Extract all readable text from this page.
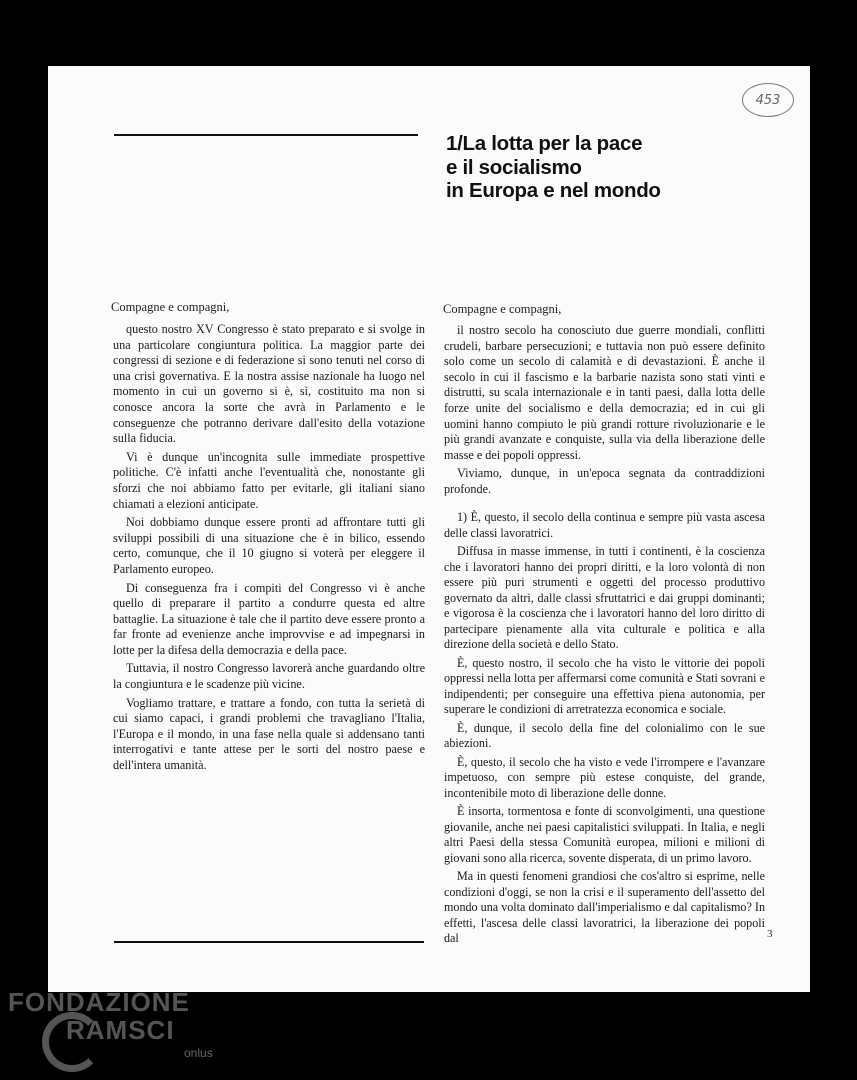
453
1/La lotta per la pace
e il socialismo
in Europa e nel mondo
Compagne e compagni,	Compagne e compagni,

questo nostro XV Congresso è stato preparato e si svolge in una particolare congiuntura politica. La maggior parte dei congressi di sezione e di federazione si sono tenuti nel corso di una crisi governativa. E la nostra assise nazionale ha luogo nel momento in cui un governo si è, sì, costituito ma non si conosce ancora la sorte che avrà in Parlamento e le conseguenze che potranno derivare dall'esito della votazione sulla fiducia.

Vi è dunque un'incognita sulle immediate prospettive politiche. C'è infatti anche l'eventualità che, nonostante gli sforzi che noi abbiamo fatto per evitarle, gli italiani siano chiamati a elezioni anticipate.

Noi dobbiamo dunque essere pronti ad affrontare tutti gli sviluppi possibili di una situazione che è in bilico, essendo certo, comunque, che il 10 giugno si voterà per eleggere il Parlamento europeo.

Di conseguenza fra i compiti del Congresso vi è anche quello di preparare il partito a condurre questa ed altre battaglie. La situazione è tale che il partito deve essere pronto a far fronte ad evenienze anche improvvise e ad impegnarsi in lotte per la difesa della democrazia e della pace.

Tuttavia, il nostro Congresso lavorerà anche guardando oltre la congiuntura e le scadenze più vicine.

Vogliamo trattare, e trattare a fondo, con tutta la serietà di cui siamo capaci, i grandi problemi che travagliano l'Italia, l'Europa e il mondo, in una fase nella quale si addensano tanti interrogativi e tante attese per le sorti del nostro paese e dell'intera umanità.

il nostro secolo ha conosciuto due guerre mondiali, conflitti crudeli, barbare persecuzioni; e tuttavia non può essere definito solo come un secolo di calamità e di devastazioni. È anche il secolo in cui il fascismo e la barbarie nazista sono stati vinti e distrutti, su scala internazionale e in tanti paesi, dalla lotta delle forze unite del socialismo e della democrazia; ed in cui gli uomini hanno compiuto le più grandi rotture rivoluzionarie e le più grandi avanzate e conquiste, sulla via della liberazione delle masse e dei popoli oppressi.

Viviamo, dunque, in un'epoca segnata da contraddizioni profonde.

1) È, questo, il secolo della continua e sempre più vasta ascesa delle classi lavoratrici.

Diffusa in masse immense, in tutti i continenti, è la coscienza che i lavoratori hanno dei propri diritti, e la loro volontà di non essere più puri strumenti e oggetti del processo produttivo governato da altri, dalle classi sfruttatrici e dai gruppi dominanti; e vigorosa è la coscienza che i lavoratori hanno del loro diritto di partecipare pienamente alla vita culturale e politica e alla direzione della società e dello Stato.

È, questo nostro, il secolo che ha visto le vittorie dei popoli oppressi nella lotta per affermarsi come comunità e Stati sovrani e indipendenti; per conseguire una effettiva piena autonomia, per superare le condizioni di arretratezza economica e sociale.

È, dunque, il secolo della fine del colonialimo con le sue abiezioni.

È, questo, il secolo che ha visto e vede l'irrompere e l'avanzare impetuoso, con sempre più estese conquiste, del grande, incontenibile moto di liberazione delle donne.

È insorta, tormentosa e fonte di sconvolgimenti, una questione giovanile, anche nei paesi capitalistici sviluppati. In Italia, e negli altri Paesi della stessa Comunità europea, milioni e milioni di giovani sono alla ricerca, sovente disperata, di un primo lavoro.

Ma in questi fenomeni grandiosi che cos'altro si esprime, nelle condizioni d'oggi, se non la crisi e il superamento dell'assetto del mondo una volta dominato dall'imperialismo e dal capitalismo? In effetti, l'ascesa delle classi lavoratrici, la liberazione dei popoli dal	3
FONDAZIONE
RAMSCI
onlus
